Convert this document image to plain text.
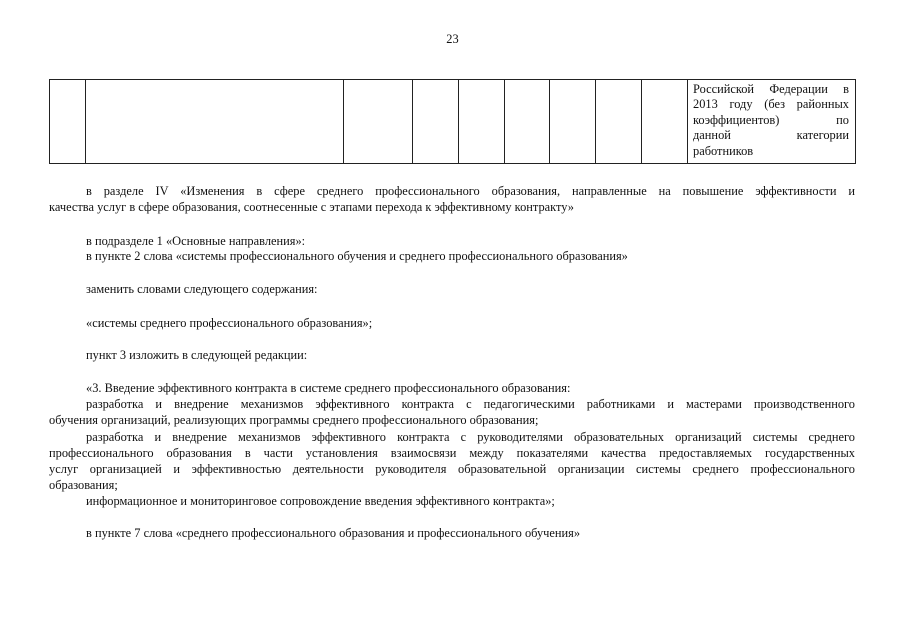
23

Российской Федерации в
2013 году (без районных
коэффициентов) по
данной категории
работников

в разделе IV «Изменения в сфере среднего профессионального образования, направленные на повышение эффективности и
качества услуг в сфере образования, соотнесенные с этапами перехода к эффективному контракту»

в подразделе 1 «Основные направления»:

в пункте 2 слова «системы профессионального обучения и среднего профессионального образования»

заменить словами следующего содержания:

«системы среднего профессионального образования»;

пункт 3 изложить в следующей редакции:

«3. Введение эффективного контракта в системе среднего профессионального образования:

разработка и внедрение механизмов эффективного контракта с педагогическими работниками и мастерами производственного
обучения организаций, реализующих программы среднего профессионального образования;

разработка и внедрение механизмов эффективного контракта с руководителями образовательных организаций системы среднего
профессионального образования в части установления взаимосвязи между показателями качества предоставляемых государственных
услуг организацией и эффективностью деятельности руководителя образовательной организации системы среднего профессионального
образования;

информационное и мониторинговое сопровождение введения эффективного контракта»;

в пункте 7 слова «среднего профессионального образования и профессионального обучения»
